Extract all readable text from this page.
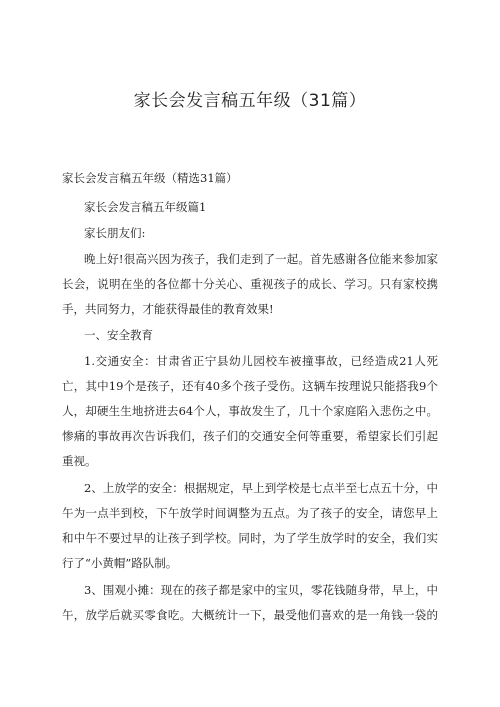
家长会发言稿五年级（31篇）
家长会发言稿五年级（精选31篇）
家长会发言稿五年级篇1
家长朋友们:
晚上好!很高兴因为孩子，我们走到了一起。首先感谢各位能来参加家
长会，说明在坐的各位都十分关心、重视孩子的成长、学习。只有家校携
手，共同努力，才能获得最佳的教育效果!
一、安全教育
1.交通安全：甘肃省正宁县幼儿园校车被撞事故，已经造成21人死
亡，其中19个是孩子，还有40多个孩子受伤。这辆车按理说只能搭我9个
人，却硬生生地挤进去64个人，事故发生了，几十个家庭陷入悲伤之中。
惨痛的事故再次告诉我们，孩子们的交通安全何等重要，希望家长们引起
重视。
2、上放学的安全：根据规定，早上到学校是七点半至七点五十分，中
午为一点半到校，下午放学时间调整为五点。为了孩子的安全，请您早上
和中午不要过早的让孩子到学校。同时，为了学生放学时的安全，我们实
行了“小黄帽”路队制。
3、围观小摊：现在的孩子都是家中的宝贝，零花钱随身带，早上，中
午，放学后就买零食吃。大概统计一下，最受他们喜欢的是一角钱一袋的
